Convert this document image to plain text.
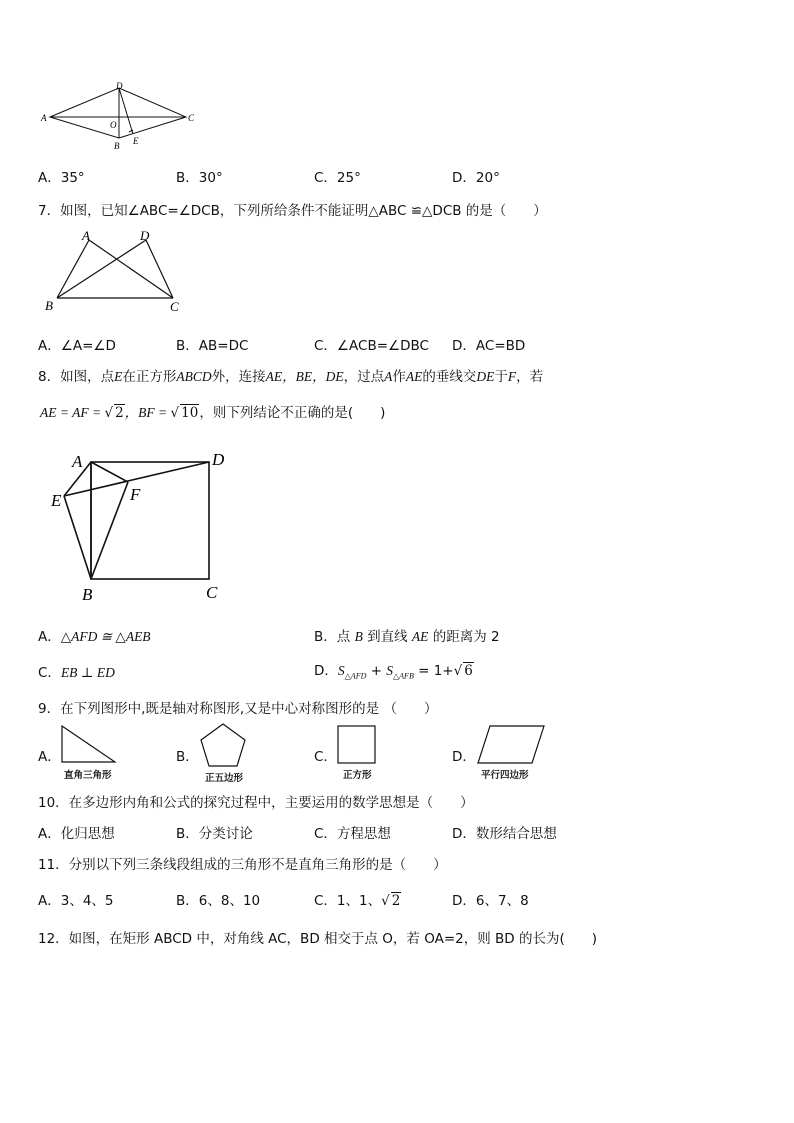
A
D
C
B
O
E
A．35°	B．30°	C．25°	D．20°
7．如图，已知∠ABC=∠DCB，下列所给条件不能证明△ABC ≌△DCB 的是（　　）
A	D
B	C
A．∠A=∠D	B．AB=DC	C．∠ACB=∠DBC D．AC=BD
8．如图，点E在正方形ABCD外，连接AE，BE，DE，过点A作AE的垂线交DE于F，若
AE = AF = √ 2，BF = √ 10，则下列结论不正确的是(　　)
A	D
E	F
B	C
A．△AFD ≅ △AEB	B．点 B 到直线 AE 的距离为 2
C．EB ⊥ ED	D．$S_{\triangle AFD} + S_{\triangle AFB} = 1+√$ 6
9．在下列图形中,既是轴对称图形,又是中心对称图形的是 （　　）
A．
直角三角形
B．
正五边形
C．
正方形
D．
平行四边形
10．在多边形内角和公式的探究过程中，主要运用的数学思想是（　　）
A．化归思想	B．分类讨论	C．方程思想	D．数形结合思想
11．分别以下列三条线段组成的三角形不是直角三角形的是（　　）
A．3、4、5	B．6、8、10	C．1、1、√ 2	D．6、7、8
12．如图，在矩形 ABCD 中，对角线 AC，BD 相交于点 O，若 OA=2，则 BD 的长为(　　)
